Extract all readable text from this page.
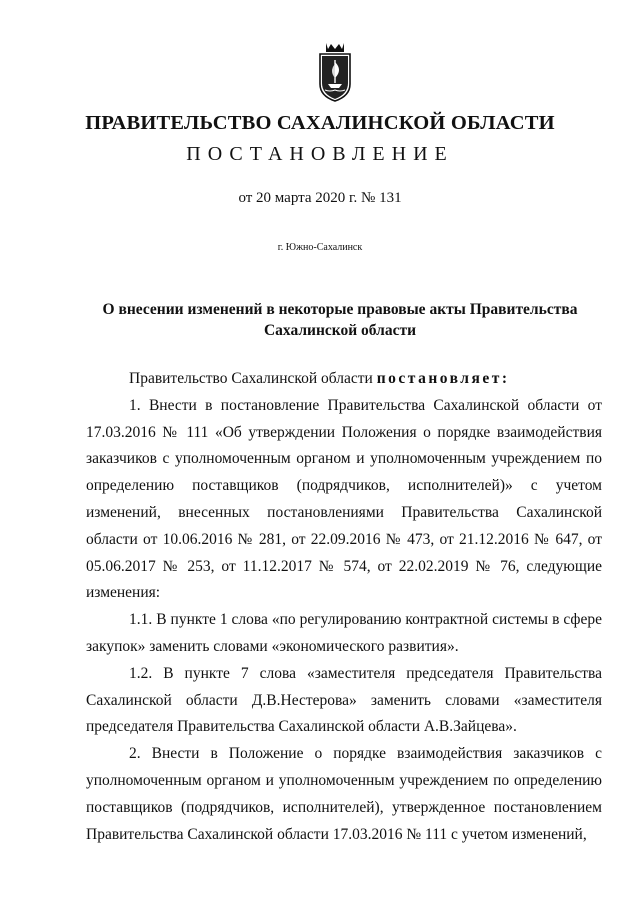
ПРАВИТЕЛЬСТВО САХАЛИНСКОЙ ОБЛАСТИ
ПОСТАНОВЛЕНИЕ
от 20 марта 2020 г. № 131
г. Южно-Сахалинск
О внесении изменений в некоторые правовые акты Правительства
Сахалинской области

Правительство Сахалинской области постановляет:

1. Внести в постановление Правительства Сахалинской области от 17.03.2016 № 111 «Об утверждении Положения о порядке взаимодействия заказчиков с уполномоченным органом и уполномоченным учреждением по определению поставщиков (подрядчиков, исполнителей)» с учетом изменений, внесенных постановлениями Правительства Сахалинской области от 10.06.2016 № 281, от 22.09.2016 № 473, от 21.12.2016 № 647, от 05.06.2017 № 253, от 11.12.2017 № 574, от 22.02.2019 № 76, следующие изменения:

1.1. В пункте 1 слова «по регулированию контрактной системы в сфере закупок» заменить словами «экономического развития».

1.2. В пункте 7 слова «заместителя председателя Правительства Сахалинской области Д.В.Нестерова» заменить словами «заместителя председателя Правительства Сахалинской области А.В.Зайцева».

2. Внести в Положение о порядке взаимодействия заказчиков с уполномоченным органом и уполномоченным учреждением по определению поставщиков (подрядчиков, исполнителей), утвержденное постановлением Правительства Сахалинской области 17.03.2016 № 111 с учетом изменений,
